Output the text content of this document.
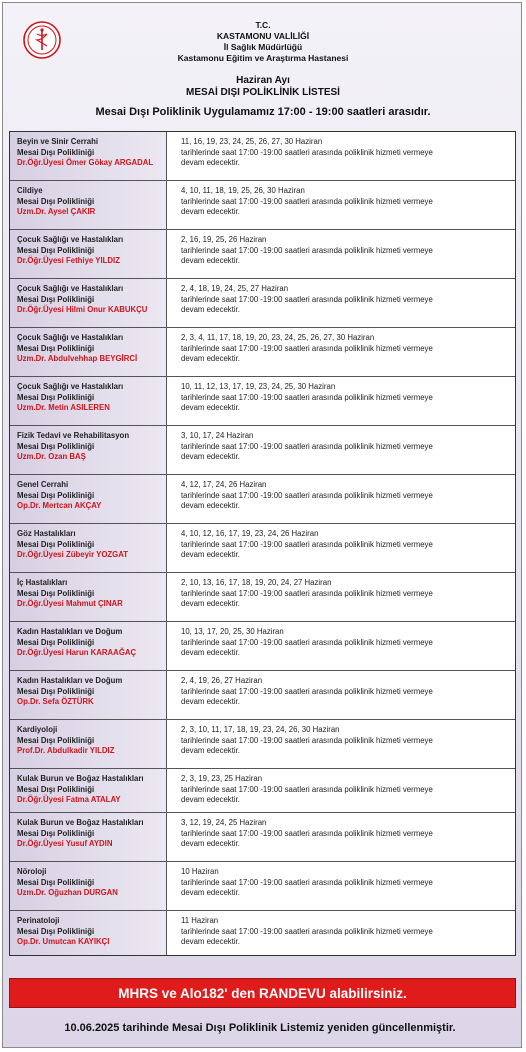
T.C.
KASTAMONU VALİLİĞİ
İl Sağlık Müdürlüğü
Kastamonu Eğitim ve Araştırma Hastanesi
Haziran Ayı
MESAİ DIŞI POLİKLİNİK LİSTESİ
Mesai Dışı Poliklinik Uygulamamız 17:00 - 19:00 saatleri arasıdır.
Beyin ve Sinir Cerrahi
Mesai Dışı Polikliniği
Dr.Öğr.Üyesi Ömer Gökay ARGADAL
11, 16, 19, 23, 24, 25, 26, 27, 30 Haziran
tarihlerinde saat 17:00 -19:00 saatleri arasında poliklinik hizmeti vermeye
devam edecektir.
Cildiye
Mesai Dışı Polikliniği
Uzm.Dr. Aysel ÇAKIR
4, 10, 11, 18, 19, 25, 26, 30 Haziran
tarihlerinde saat 17:00 -19:00 saatleri arasında poliklinik hizmeti vermeye
devam edecektir.
Çocuk Sağlığı ve Hastalıkları
Mesai Dışı Polikliniği
Dr.Öğr.Üyesi Fethiye YILDIZ
2, 16, 19, 25, 26 Haziran
tarihlerinde saat 17:00 -19:00 saatleri arasında poliklinik hizmeti vermeye
devam edecektir.
Çocuk Sağlığı ve Hastalıkları
Mesai Dışı Polikliniği
Dr.Öğr.Üyesi Hilmi Onur KABUKÇU
2, 4, 18, 19, 24, 25, 27 Haziran
tarihlerinde saat 17:00 -19:00 saatleri arasında poliklinik hizmeti vermeye
devam edecektir.
Çocuk Sağlığı ve Hastalıkları
Mesai Dışı Polikliniği
Uzm.Dr. Abdulvehhap BEYGİRCİ
2, 3, 4, 11, 17, 18, 19, 20, 23, 24, 25, 26, 27, 30 Haziran
tarihlerinde saat 17:00 -19:00 saatleri arasında poliklinik hizmeti vermeye
devam edecektir.
Çocuk Sağlığı ve Hastalıkları
Mesai Dışı Polikliniği
Uzm.Dr. Metin ASILEREN
10, 11, 12, 13, 17, 19, 23, 24, 25, 30 Haziran
tarihlerinde saat 17:00 -19:00 saatleri arasında poliklinik hizmeti vermeye
devam edecektir.
Fizik Tedavi ve Rehabilitasyon
Mesai Dışı Polikliniği
Uzm.Dr. Ozan BAŞ
3, 10, 17, 24 Haziran
tarihlerinde saat 17:00 -19:00 saatleri arasında poliklinik hizmeti vermeye
devam edecektir.
Genel Cerrahi
Mesai Dışı Polikliniği
Op.Dr. Mertcan AKÇAY
4, 12, 17, 24, 26 Haziran
tarihlerinde saat 17:00 -19:00 saatleri arasında poliklinik hizmeti vermeye
devam edecektir.
Göz Hastalıkları
Mesai Dışı Polikliniği
Dr.Öğr.Üyesi Zübeyir YOZGAT
4, 10, 12, 16, 17, 19, 23, 24, 26 Haziran
tarihlerinde saat 17:00 -19:00 saatleri arasında poliklinik hizmeti vermeye
devam edecektir.
İç Hastalıkları
Mesai Dışı Polikliniği
Dr.Öğr.Üyesi Mahmut ÇINAR
2, 10, 13, 16, 17, 18, 19, 20, 24, 27 Haziran
tarihlerinde saat 17:00 -19:00 saatleri arasında poliklinik hizmeti vermeye
devam edecektir.
Kadın Hastalıkları ve Doğum
Mesai Dışı Polikliniği
Dr.Öğr.Üyesi Harun KARAAĞAÇ
10, 13, 17, 20, 25, 30 Haziran
tarihlerinde saat 17:00 -19:00 saatleri arasında poliklinik hizmeti vermeye
devam edecektir.
Kadın Hastalıkları ve Doğum
Mesai Dışı Polikliniği
Op.Dr. Sefa ÖZTÜRK
2, 4, 19, 26, 27 Haziran
tarihlerinde saat 17:00 -19:00 saatleri arasında poliklinik hizmeti vermeye
devam edecektir.
Kardiyoloji
Mesai Dışı Polikliniği
Prof.Dr. Abdulkadir YILDIZ
2, 3, 10, 11, 17, 18, 19, 23, 24, 26, 30 Haziran
tarihlerinde saat 17:00 -19:00 saatleri arasında poliklinik hizmeti vermeye
devam edecektir.
Kulak Burun ve Boğaz Hastalıkları
Mesai Dışı Polikliniği
Dr.Öğr.Üyesi Fatma ATALAY
2, 3, 19, 23, 25 Haziran
tarihlerinde saat 17:00 -19:00 saatleri arasında poliklinik hizmeti vermeye
devam edecektir.
Kulak Burun ve Boğaz Hastalıkları
Mesai Dışı Polikliniği
Dr.Öğr.Üyesi Yusuf AYDIN
3, 12, 19, 24, 25 Haziran
tarihlerinde saat 17:00 -19:00 saatleri arasında poliklinik hizmeti vermeye
devam edecektir.
Nöroloji
Mesai Dışı Polikliniği
Uzm.Dr. Oğuzhan DURGAN
10 Haziran
tarihlerinde saat 17:00 -19:00 saatleri arasında poliklinik hizmeti vermeye
devam edecektir.
Perinatoloji
Mesai Dışı Polikliniği
Op.Dr. Umutcan KAYIKÇI
11 Haziran
tarihlerinde saat 17:00 -19:00 saatleri arasında poliklinik hizmeti vermeye
devam edecektir.
MHRS ve Alo182' den RANDEVU alabilirsiniz.
10.06.2025 tarihinde Mesai Dışı Poliklinik Listemiz yeniden güncellenmiştir.
